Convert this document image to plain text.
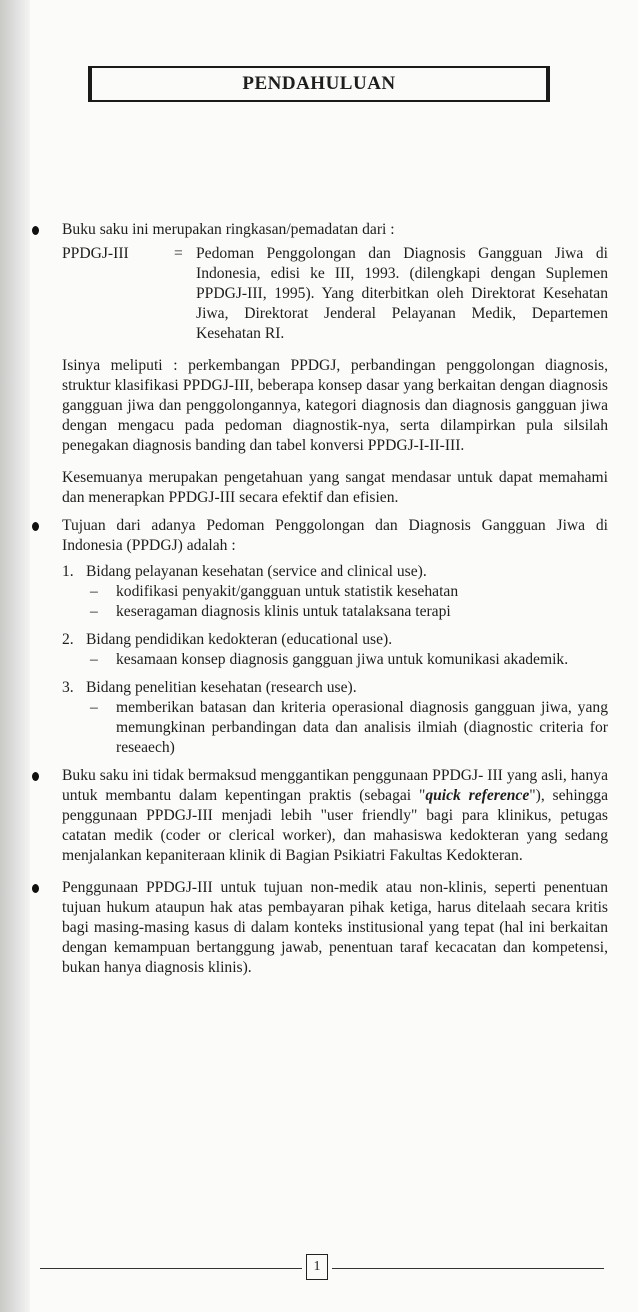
PENDAHULUAN

Buku saku ini merupakan ringkasan/pemadatan dari :

PPDGJ-III	= Pedoman Penggolongan dan Diagnosis Gangguan Jiwa di Indonesia, edisi ke III, 1993. (dilengkapi dengan Suplemen PPDGJ-III, 1995). Yang diterbitkan oleh Direktorat Kesehatan Jiwa, Direktorat Jenderal Pelayanan Medik, Departemen Kesehatan RI.

Isinya meliputi : perkembangan PPDGJ, perbandingan penggolongan diagnosis, struktur klasifikasi PPDGJ-III, beberapa konsep dasar yang berkaitan dengan diagnosis gangguan jiwa dan penggolongannya, kategori diagnosis dan diagnosis gangguan jiwa dengan mengacu pada pedoman diagnostik-nya, serta dilampirkan pula silsilah penegakan diagnosis banding dan tabel konversi PPDGJ-I-II-III.

Kesemuanya merupakan pengetahuan yang sangat mendasar untuk dapat memahami dan menerapkan PPDGJ-III secara efektif dan efisien.

Tujuan dari adanya Pedoman Penggolongan dan Diagnosis Gangguan Jiwa di Indonesia (PPDGJ) adalah :

1. Bidang pelayanan kesehatan (service and clinical use).
–	kodifikasi penyakit/gangguan untuk statistik kesehatan
–	keseragaman diagnosis klinis untuk tatalaksana terapi
2. Bidang pendidikan kedokteran (educational use).
–	kesamaan konsep diagnosis gangguan jiwa untuk komunikasi akademik.
3. Bidang penelitian kesehatan (research use).
–	memberikan batasan dan kriteria operasional diagnosis gangguan jiwa, yang memungkinan perbandingan data dan analisis ilmiah (diagnostic criteria for reseaech)

Buku saku ini tidak bermaksud menggantikan penggunaan PPDGJ- III yang asli, hanya untuk membantu dalam kepentingan praktis (sebagai "quick reference"), sehingga penggunaan PPDGJ-III menjadi lebih "user friendly" bagi para klinikus, petugas catatan medik (coder or clerical worker), dan mahasiswa kedokteran yang sedang menjalankan kepaniteraan klinik di Bagian Psikiatri Fakultas Kedokteran.

Penggunaan PPDGJ-III untuk tujuan non-medik atau non-klinis, seperti penentuan tujuan hukum ataupun hak atas pembayaran pihak ketiga, harus ditelaah secara kritis bagi masing-masing kasus di dalam konteks institusional yang tepat (hal ini berkaitan dengan kemampuan bertanggung jawab, penentuan taraf kecacatan dan kompetensi, bukan hanya diagnosis klinis).

1
